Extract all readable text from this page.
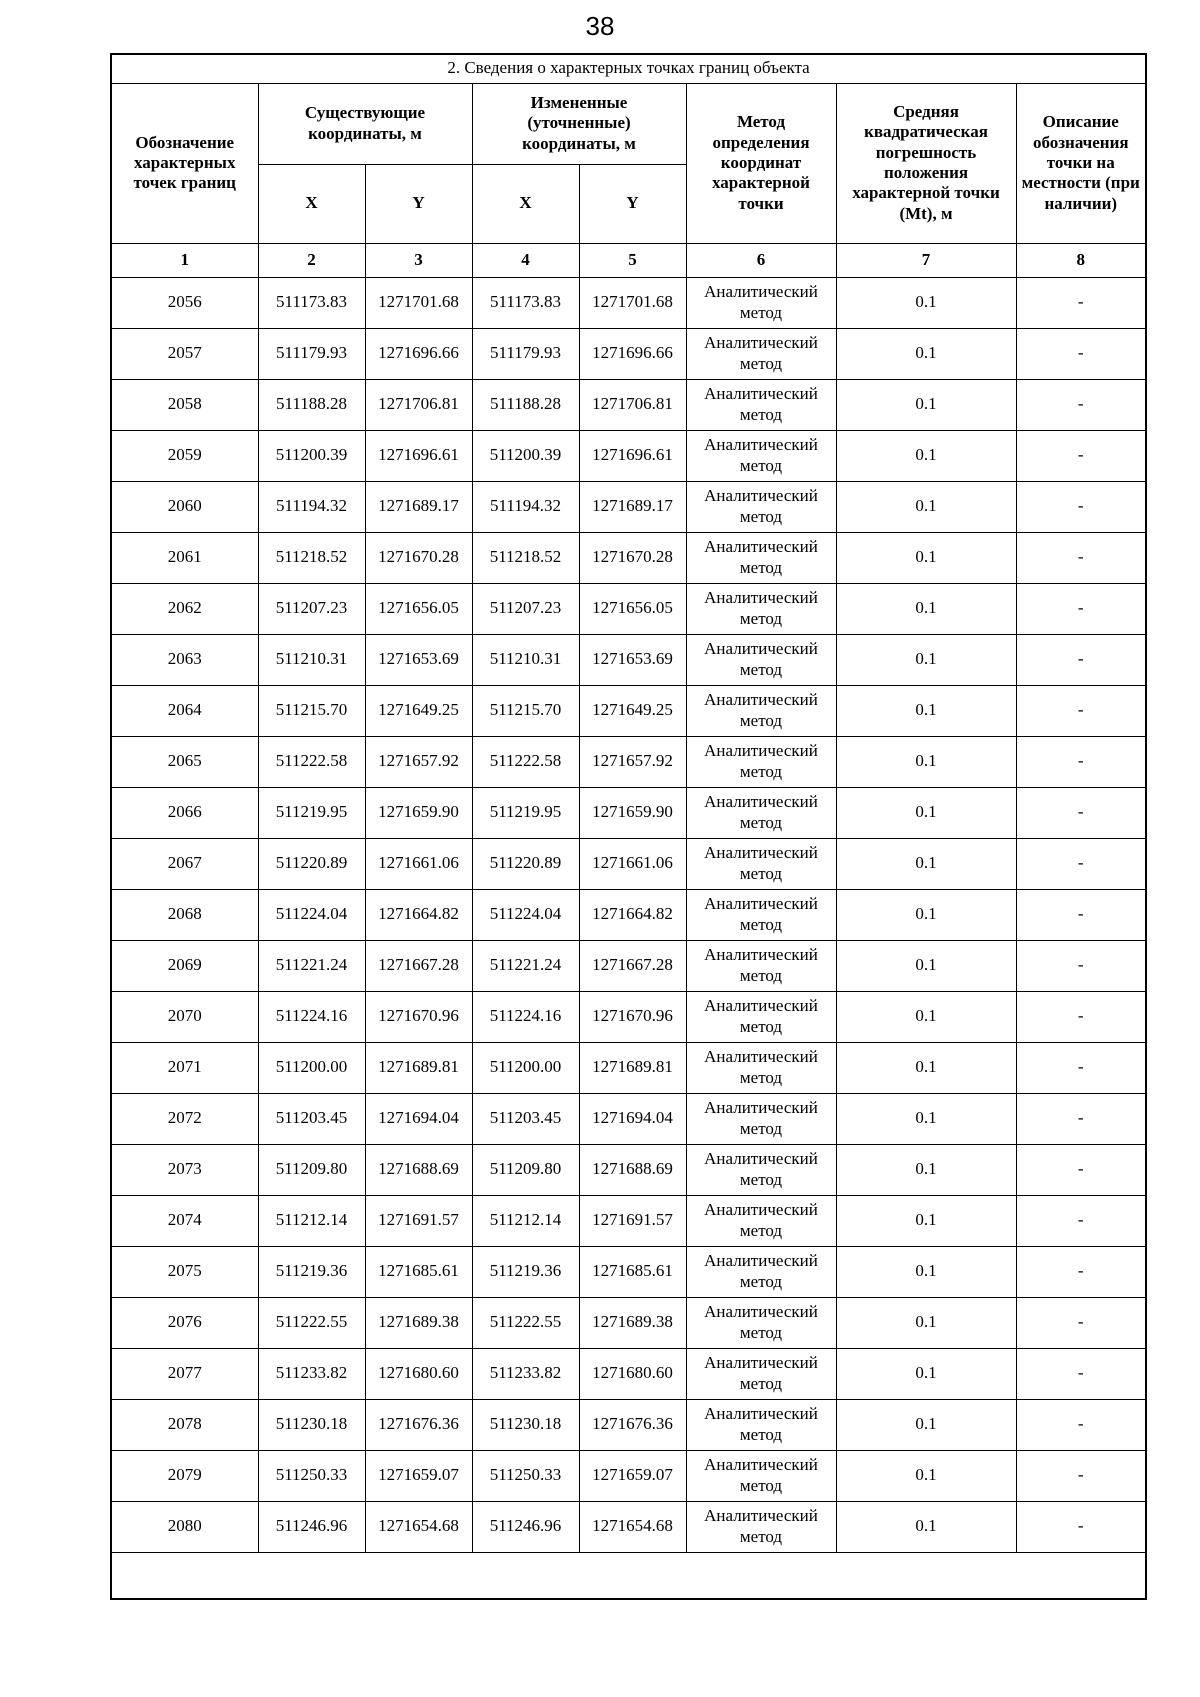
38
2. Сведения о характерных точках границ объекта							
Обозначение характерных точек границ	Существующие координаты, м		Измененные (уточненные) координаты, м		Метод определения координат характерной точки	Средняя квадратическая погрешность положения характерной точки (Mt), м	Описание обозначения точки на местности (при наличии)
	X	Y	X	Y			
1	2	3	4	5	6	7	8
2056	511173.83	1271701.68	511173.83	1271701.68	Аналитический метод	0.1	-
2057	511179.93	1271696.66	511179.93	1271696.66	Аналитический метод	0.1	-
2058	511188.28	1271706.81	511188.28	1271706.81	Аналитический метод	0.1	-
2059	511200.39	1271696.61	511200.39	1271696.61	Аналитический метод	0.1	-
2060	511194.32	1271689.17	511194.32	1271689.17	Аналитический метод	0.1	-
2061	511218.52	1271670.28	511218.52	1271670.28	Аналитический метод	0.1	-
2062	511207.23	1271656.05	511207.23	1271656.05	Аналитический метод	0.1	-
2063	511210.31	1271653.69	511210.31	1271653.69	Аналитический метод	0.1	-
2064	511215.70	1271649.25	511215.70	1271649.25	Аналитический метод	0.1	-
2065	511222.58	1271657.92	511222.58	1271657.92	Аналитический метод	0.1	-
2066	511219.95	1271659.90	511219.95	1271659.90	Аналитический метод	0.1	-
2067	511220.89	1271661.06	511220.89	1271661.06	Аналитический метод	0.1	-
2068	511224.04	1271664.82	511224.04	1271664.82	Аналитический метод	0.1	-
2069	511221.24	1271667.28	511221.24	1271667.28	Аналитический метод	0.1	-
2070	511224.16	1271670.96	511224.16	1271670.96	Аналитический метод	0.1	-
2071	511200.00	1271689.81	511200.00	1271689.81	Аналитический метод	0.1	-
2072	511203.45	1271694.04	511203.45	1271694.04	Аналитический метод	0.1	-
2073	511209.80	1271688.69	511209.80	1271688.69	Аналитический метод	0.1	-
2074	511212.14	1271691.57	511212.14	1271691.57	Аналитический метод	0.1	-
2075	511219.36	1271685.61	511219.36	1271685.61	Аналитический метод	0.1	-
2076	511222.55	1271689.38	511222.55	1271689.38	Аналитический метод	0.1	-
2077	511233.82	1271680.60	511233.82	1271680.60	Аналитический метод	0.1	-
2078	511230.18	1271676.36	511230.18	1271676.36	Аналитический метод	0.1	-
2079	511250.33	1271659.07	511250.33	1271659.07	Аналитический метод	0.1	-
2080	511246.96	1271654.68	511246.96	1271654.68	Аналитический метод	0.1	-
